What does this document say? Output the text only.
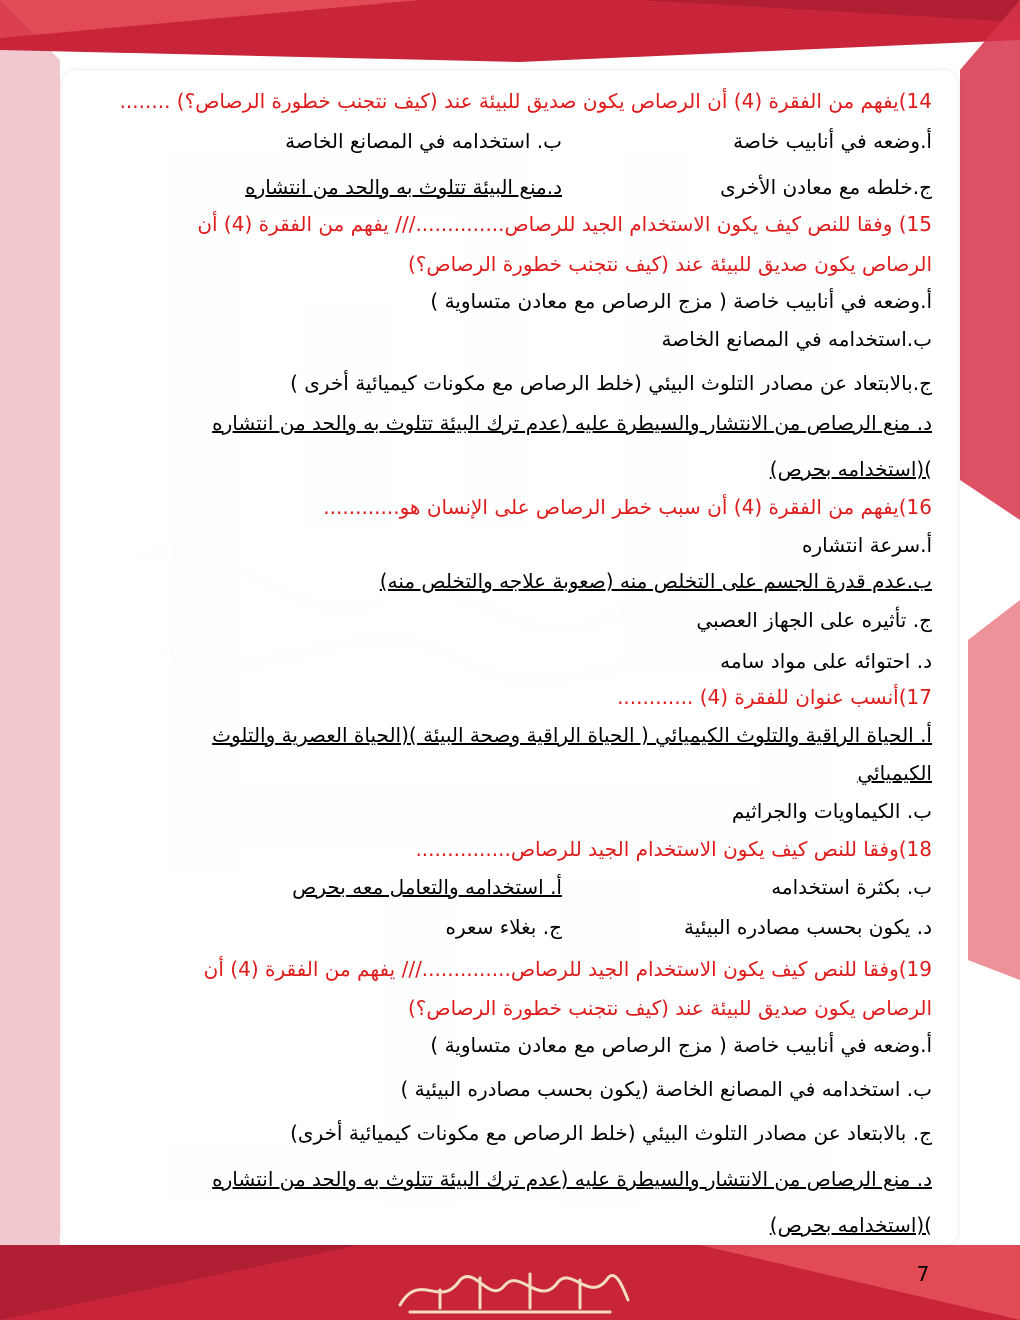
14)يفهم من الفقرة (4) أن الرصاص يكون صديق للبيئة عند (كيف نتجنب خطورة الرصاص؟) ........
أ.وضعه في أنابيب خاصة
ب. استخدامه في المصانع الخاصة
ج.خلطه مع معادن الأخرى
د.منع البيئة تتلوث به والحد من انتشاره
15) وفقا للنص كيف يكون الاستخدام الجيد للرصاص............../// يفهم من الفقرة (4) أن
الرصاص يكون صديق للبيئة عند (كيف نتجنب خطورة الرصاص؟)
أ.وضعه في أنابيب خاصة ( مزج الرصاص مع معادن متساوية )
ب.استخدامه في المصانع الخاصة
ج.بالابتعاد عن مصادر التلوث البيئي (خلط الرصاص مع مكونات كيميائية أخرى )
د. منع الرصاص من الانتشار والسيطرة عليه (عدم ترك البيئة تتلوث به والحد من انتشاره
)(استخدامه بحرص)
16)يفهم من الفقرة (4) أن سبب خطر الرصاص على الإنسان هو............
أ.سرعة انتشاره
ب.عدم قدرة الجسم على التخلص منه (صعوبة علاجه والتخلص منه)
ج. تأثيره على الجهاز العصبي
د. احتوائه على مواد سامه
17)أنسب عنوان للفقرة (4) ............
أ. الحياة الراقية والتلوث الكيميائي ( الحياة الراقية وصحة البيئة )(الحياة العصرية والتلوث
الكيميائي
ب. الكيماويات والجراثيم
18)وفقا للنص كيف يكون الاستخدام الجيد للرصاص...............
ب. بكثرة استخدامه
أ. استخدامه والتعامل معه بحرص
د. يكون بحسب مصادره البيئية
ج. بغلاء سعره
19)وفقا للنص كيف يكون الاستخدام الجيد للرصاص............../// يفهم من الفقرة (4) أن
الرصاص يكون صديق للبيئة عند (كيف نتجنب خطورة الرصاص؟)
أ.وضعه في أنابيب خاصة ( مزج الرصاص مع معادن متساوية )
ب. استخدامه في المصانع الخاصة (يكون بحسب مصادره البيئية )
ج. بالابتعاد عن مصادر التلوث البيئي (خلط الرصاص مع مكونات كيميائية أخرى)
د. منع الرصاص من الانتشار والسيطرة عليه (عدم ترك البيئة تتلوث به والحد من انتشاره
)(استخدامه بحرص)
7
